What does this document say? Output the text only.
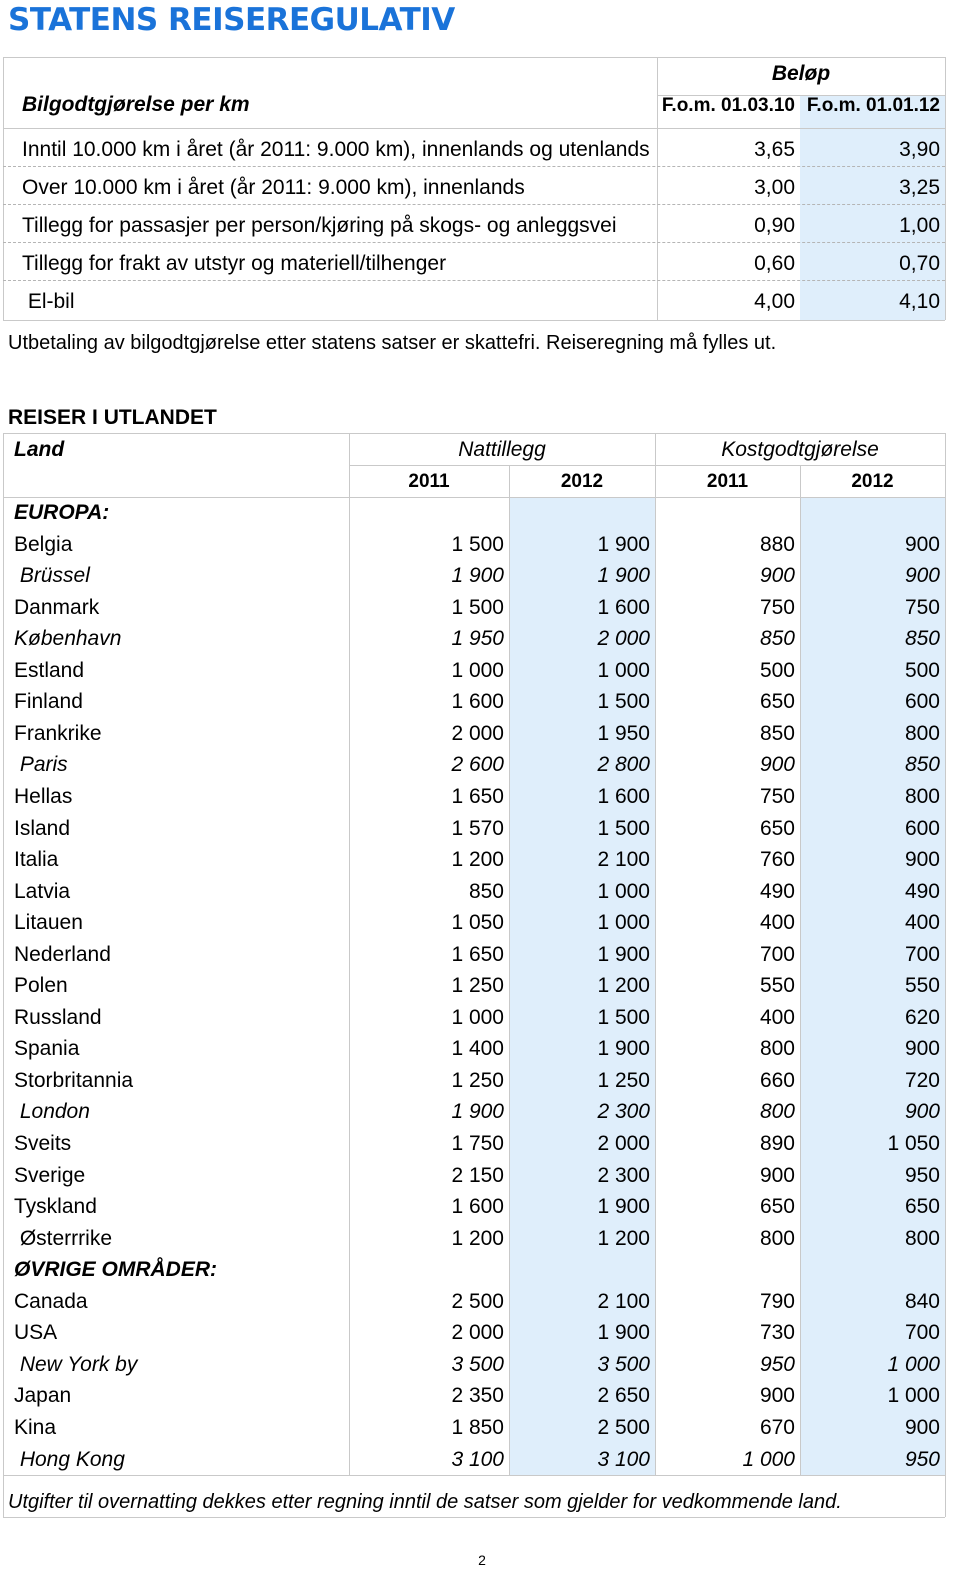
STATENS REISEREGULATIV
Beløp
Bilgodtgjørelse per km	F.o.m. 01.03.10 F.o.m. 01.01.12
Inntil 10.000 km i året (år 2011: 9.000 km), innenlands og utenlands	3,65	3,90
Over 10.000 km i året (år 2011: 9.000 km), innenlands	3,00	3,25
Tillegg for passasjer per person/kjøring på skogs- og anleggsvei	0,90	1,00
Tillegg for frakt av utstyr og materiell/tilhenger	0,60	0,70
El-bil	4,00	4,10
Utbetaling av bilgodtgjørelse etter statens satser er skattefri. Reiseregning må fylles ut.
REISER I UTLANDET
Land	Nattillegg	Kostgodtgjørelse
2011	2012	2011	2012
EUROPA:
Belgia	1 500	1 900	880	900
Brüssel	1 900	1 900	900	900
Danmark	1 500	1 600	750	750
København	1 950	2 000	850	850
Estland	1 000	1 000	500	500
Finland	1 600	1 500	650	600
Frankrike	2 000	1 950	850	800
Paris	2 600	2 800	900	850
Hellas	1 650	1 600	750	800
Island	1 570	1 500	650	600
Italia	1 200	2 100	760	900
Latvia	850	1 000	490	490
Litauen	1 050	1 000	400	400
Nederland	1 650	1 900	700	700
Polen	1 250	1 200	550	550
Russland	1 000	1 500	400	620
Spania	1 400	1 900	800	900
Storbritannia	1 250	1 250	660	720
London	1 900	2 300	800	900
Sveits	1 750	2 000	890	1 050
Sverige	2 150	2 300	900	950
Tyskland	1 600	1 900	650	650
Østerrrike	1 200	1 200	800	800
ØVRIGE OMRÅDER:
Canada	2 500	2 100	790	840
USA	2 000	1 900	730	700
New York by	3 500	3 500	950	1 000
Japan	2 350	2 650	900	1 000
Kina	1 850	2 500	670	900
Hong Kong	3 100	3 100	1 000	950
Utgifter til overnatting dekkes etter regning inntil de satser som gjelder for vedkommende land.
2
